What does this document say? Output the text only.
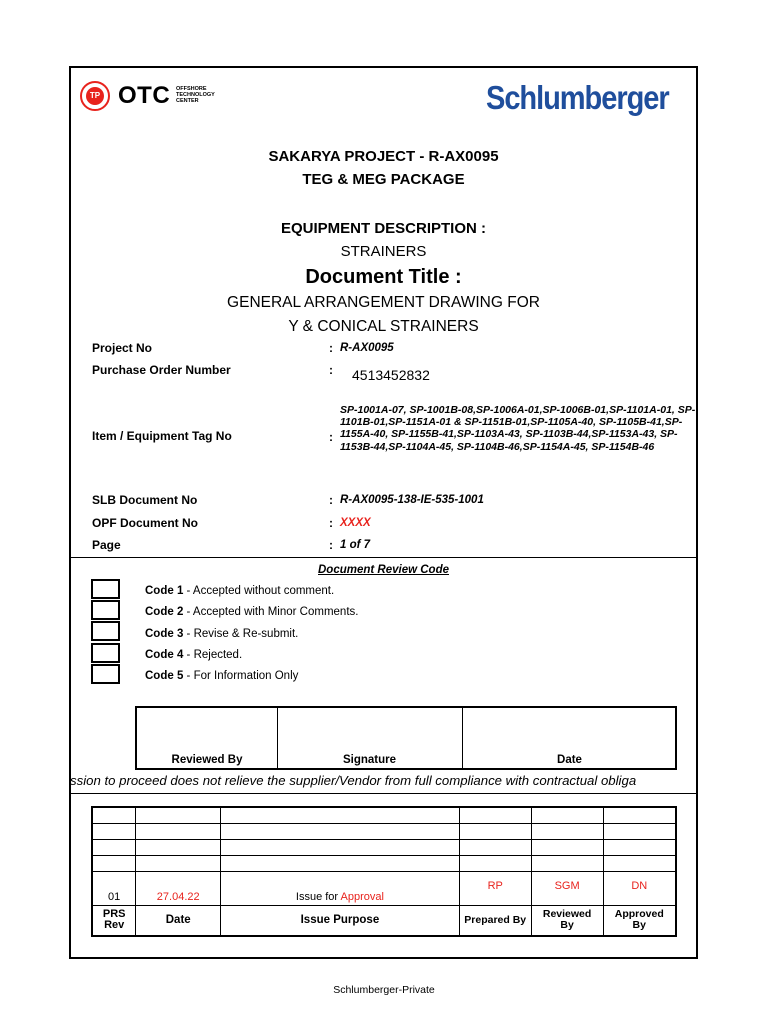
TP OTC OFFSHORE
TECHNOLOGY
CENTER	Schlumberger
SAKARYA PROJECT - R-AX0095
TEG & MEG PACKAGE
EQUIPMENT DESCRIPTION :
STRAINERS
Document Title :
GENERAL ARRANGEMENT DRAWING FOR
Y & CONICAL STRAINERS
Project No	: R-AX0095
Purchase Order Number	: 4513452832
Item / Equipment Tag No	:
SP-1001A-07, SP-1001B-08,SP-1006A-01,SP-1006B-01,SP-1101A-01, SP-1101B-01,SP-1151A-01 & SP-1151B-01,SP-1105A-40, SP-1105B-41,SP-1155A-40, SP-1155B-41,SP-1103A-43, SP-1103B-44,SP-1153A-43, SP-1153B-44,SP-1104A-45, SP-1104B-46,SP-1154A-45, SP-1154B-46
SLB Document No	: R-AX0095-138-IE-535-1001
OPF Document No	: XXXX
Page	: 1 of 7
Document Review Code
Code 1 - Accepted without comment.
Code 2 - Accepted with Minor Comments.
Code 3 - Revise & Re-submit.
Code 4 - Rejected.
Code 5 - For Information Only
Reviewed By	Signature	Date
ssion to proceed does not relieve the supplier/Vendor from full compliance with contractual obliga

01	27.04.22	Issue for Approval	RP	SGM	DN
PRS Rev	Date	Issue Purpose	Prepared By	Reviewed By	Approved By
Schlumberger-Private
